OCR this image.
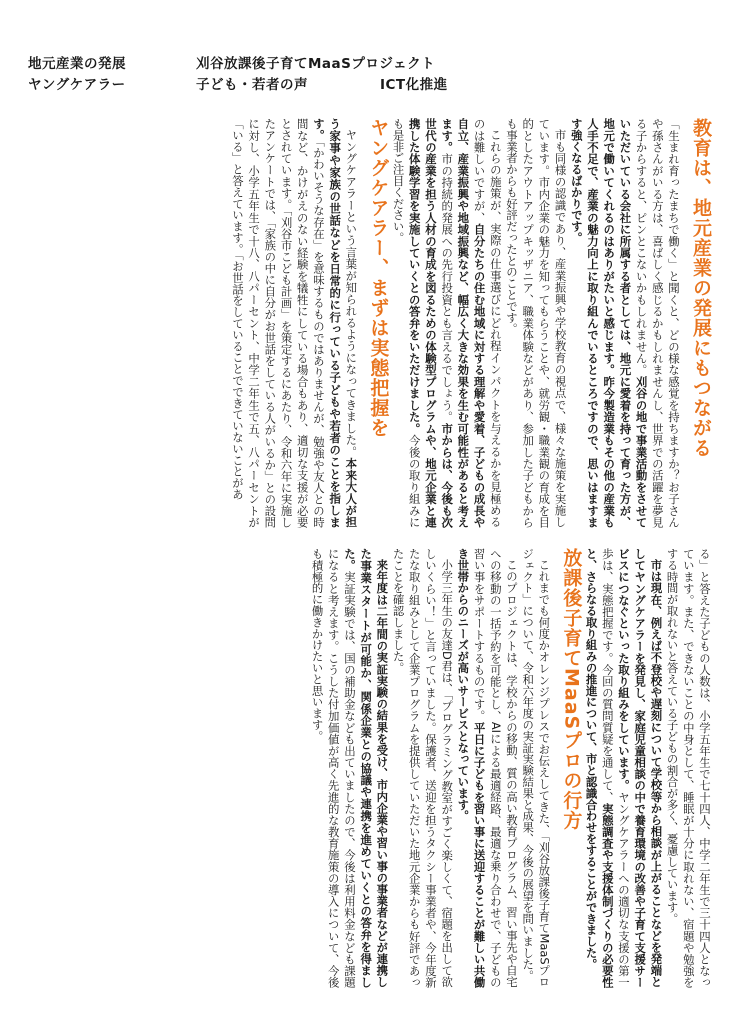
地元産業の発展
ヤングケアラー
刈谷放課後子育てMaaSプロジェクト
子ども・若者の声	ICT化推進
教育は、地元産業の発展にもつながる

「生まれ育ったまちで働く」と聞くと、どの様な感覚を持ちますか？お子さんや孫さんがいる方は、喜ばしく感じるかもしれませんし、世界での活躍を夢見る子からすると、ピンとこないかもしれません。刈谷の地で事業活動をさせていただいている会社に所属する者としては、地元に愛着を持って育った方が、地元で働いてくれるのはありがたいと感じます。昨今製造業もその他の産業も人手不足で、産業の魅力向上に取り組んでいるところですので、思いはますます強くなるばかりです。

市も同様の認識であり、産業振興や学校教育の視点で、様々な施策を実施しています。市内企業の魅力を知ってもらうことや、就労観・職業観の育成を目的としたアウトアップキッザニア、職業体験などがあり、参加した子どもからも事業者からも好評だったとのことです。

これらの施策が、実際の仕事選びにどれ程インパクトを与えるかを見極めるのは難しいですが、自分たちの住む地域に対する理解や愛着、子どもの成長や自立、産業振興や地域振興など、幅広く大きな効果を生む可能性があると考えます。市の持続的発展への先行投資とも言えるでしょう。市からは、今後も次世代の産業を担う人材の育成を図るための体験型プログラムや、地元企業と連携した体験学習を実施していくとの答弁をいただけました。今後の取り組みにも是非ご注目ください。

ヤングケアラー、まずは実態把握を

ヤングケアラーという言葉が知られるようになってきました。本来大人が担う家事や家族の世話などを日常的に行っている子どもや若者のことを指します。「かわいそうな存在」を意味するものではありませんが、勉強や友人との時間など、かけがえのない経験を犠牲にしている場合もあり、適切な支援が必要とされています。「刈谷市こども計画」を策定するにあたり、令和六年に実施したアンケートでは、「家族の中に自分がお世話をしている人がいるか」との設問に対し、小学五年生で十八、八パーセント、中学二年生で五、八パーセントが「いる」と答えています。「お世話をしていることでできていないことがあ

る」と答えた子どもの人数は、小学五年生で七十四人、中学二年生で三十四人となっています。また、できないことの中身として、睡眠が十分に取れない、宿題や勉強をする時間が取れないと答えている子どもの割合が多く、憂慮しています。

市は現在、例えば不登校や遅刻について学校等から相談が上がることなどを発端としてヤングケアラーを発見し、家庭児童相談の中で養育環境の改善や子育て支援サービスにつなぐといった取り組みをしています。ヤングケアラーへの適切な支援の第一歩は、実態把握です。今回の質問質疑を通して、実態調査や支援体制づくりの必要性と、さらなる取り組みの推進について、市と認識合わせをすることができました。

放課後子育てMaaSプロの行方

これまでも何度かオレンジプレスでお伝えしてきた、「刈谷放課後子育てMaaSプロジェクト」について、令和六年度の実証実験結果と成果、今後の展望を問いました。

このプロジェクトは、学校からの移動、質の高い教育プログラム、習い事先や自宅への移動の一括予約を可能とし、AIによる最適経路、最適な乗り合わせで、子どもの習い事をサポートするものです。平日に子どもを習い事に送迎することが難しい共働き世帯からのニーズが高いサービスとなっています。

小学三年生の友達D君は、「プログラミング教室がすごく楽しくて、宿題を出して欲しいくらい！」と言っていました。保護者、送迎を担うタクシー事業者や、今年度新たな取り組みとして企業プログラムを提供していただいた地元企業からも好評であったことを確認しました。

来年度は二年間の実証実験の結果を受け、市内企業や習い事の事業者などが連携した事業スタートが可能か、関係企業との協議や連携を進めていくとの答弁を得ました。実証実験では、国の補助金なども出ていましたので、今後は利用料金なども課題になると考えます。こうした付加価値が高く先進的な教育施策の導入について、今後も積極的に働きかけたいと思います。
